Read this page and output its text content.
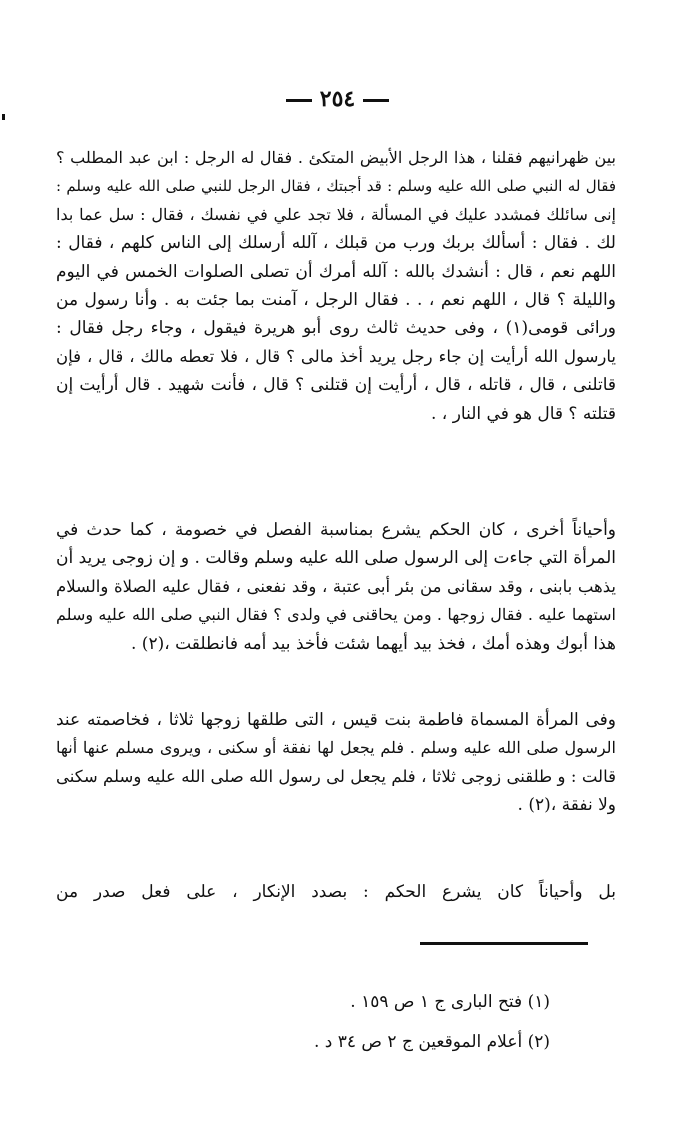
٢٥٤
بين ظهرانيهم فقلنا ، هذا الرجل الأبيض المتكئ . فقال له الرجل : ابن عبد المطلب ؟
فقال له النبي صلى الله عليه وسلم : قد أجبتك ، فقال الرجل للنبي صلى الله عليه وسلم :
إنى سائلك فمشدد عليك في المسألة ، فلا تجد علي في نفسك ، فقال : سل عما بدا
لك . فقال : أسألك بربك ورب من قبلك ، آلله أرسلك إلى الناس كلهم ، فقال :
اللهم نعم ، قال : أنشدك بالله : آلله أمرك أن تصلى الصلوات الخمس في اليوم
والليلة ؟ قال ، اللهم نعم ، . . فقال الرجل ، آمنت بما جئت به . وأنا رسول من
ورائى قومى(١) ، وفى حديث ثالث روى أبو هريرة فيقول ، وجاء رجل فقال :
يارسول الله أرأيت إن جاء رجل يريد أخذ مالى ؟ قال ، فلا تعطه مالك ، قال ، فإن
قاتلنى ، قال ، قاتله ، قال ، أرأيت إن قتلنى ؟ قال ، فأنت شهيد . قال أرأيت إن
قتلته ؟ قال هو في النار ، .
وأحياناً أخرى ، كان الحكم يشرع بمناسبة الفصل في خصومة ، كما حدث في
المرأة التي جاءت إلى الرسول صلى الله عليه وسلم وقالت . و إن زوجى يريد أن
يذهب بابنى ، وقد سقانى من بئر أبى عتبة ، وقد نفعنى ، فقال عليه الصلاة والسلام
استهما عليه . فقال زوجها . ومن يحاقنى في ولدى ؟ فقال النبي صلى الله عليه وسلم
هذا أبوك وهذه أمك ، فخذ بيد أيهما شئت فأخذ بيد أمه فانطلقت ،(٢) .
وفى المرأة المسماة فاطمة بنت قيس ، التى طلقها زوجها ثلاثا ، فخاصمته عند
الرسول صلى الله عليه وسلم . فلم يجعل لها نفقة أو سكنى ، ويروى مسلم عنها أنها
قالت : و طلقنى زوجى ثلاثا ، فلم يجعل لى رسول الله صلى الله عليه وسلم سكنى
ولا نفقة ،(٢) .
بل وأحياناً كان يشرع الحكم : بصدد الإنكار ، على فعل صدر من
(١) فتح البارى ج ١ ص ١٥٩ .
(٢) أعلام الموقعين ج ٢ ص ٣٤ د .
